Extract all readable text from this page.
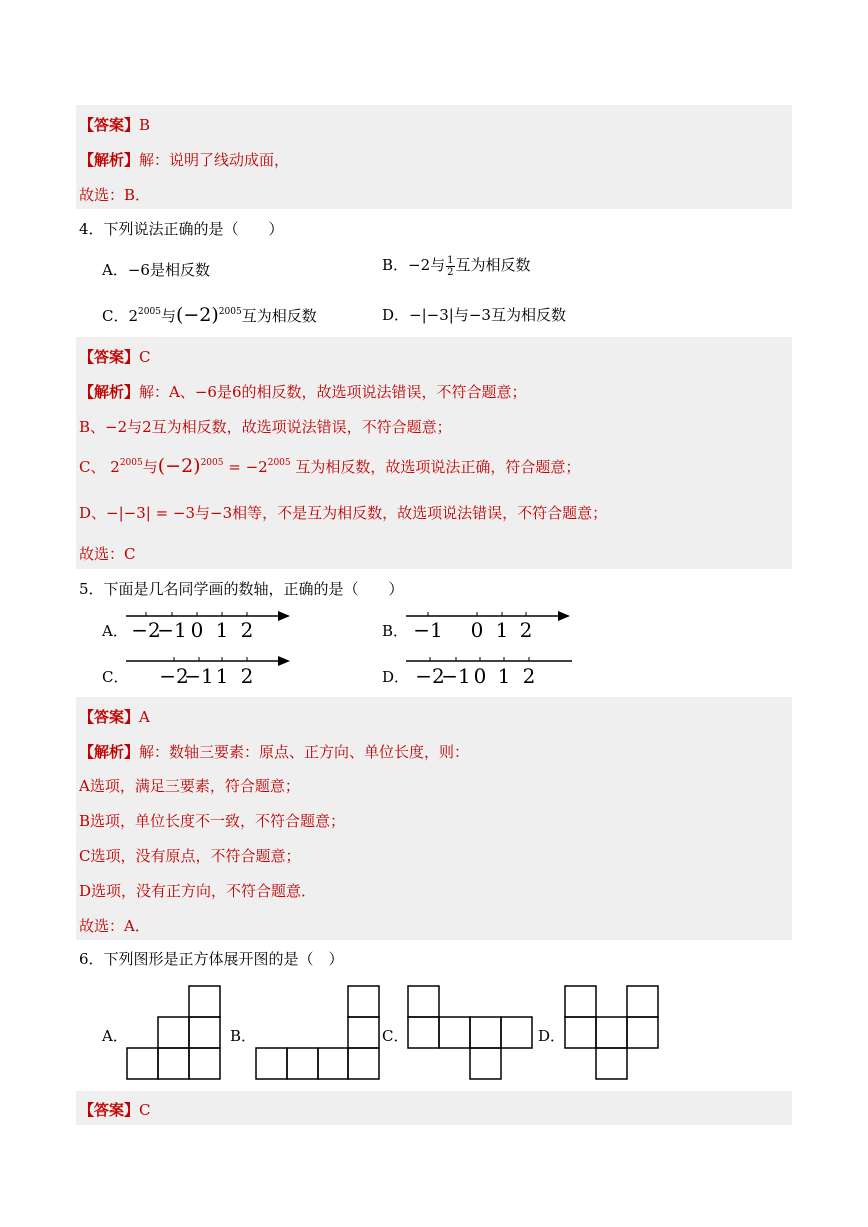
【答案】B
【解析】解：说明了线动成面，
故选：B．
4．下列说法正确的是（　　）
A．−6是相反数	B．−2与 $\frac{1}{2}$ 互为相反数
C．$2^{2005}$与$(-2)^{2005}$互为相反数	D．−|−3|与−3互为相反数
【答案】C
【解析】解：A、−6是6的相反数，故选项说法错误，不符合题意；
B、−2与2互为相反数，故选项说法错误，不符合题意；
C、 $2^{2005}$与$(-2)^{2005} = -2^{2005}$ 互为相反数，故选项说法正确，符合题意；
D、−|−3| = −3与−3相等，不是互为相反数，故选项说法错误，不符合题意；
故选：C
5．下面是几名同学画的数轴，正确的是（　　）
A． −2
−1 0 1 2	B． −1 0 1 2
C． −2
−1 1 2	D． −2
−1 0 1 2
【答案】A
【解析】解：数轴三要素：原点、正方向、单位长度，则：
A选项，满足三要素，符合题意；
B选项，单位长度不一致，不符合题意；
C选项，没有原点，不符合题意；
D选项，没有正方向，不符合题意．
故选：A．
6．下列图形是正方体展开图的是（　）
A．	B．	C．	D．
【答案】C
